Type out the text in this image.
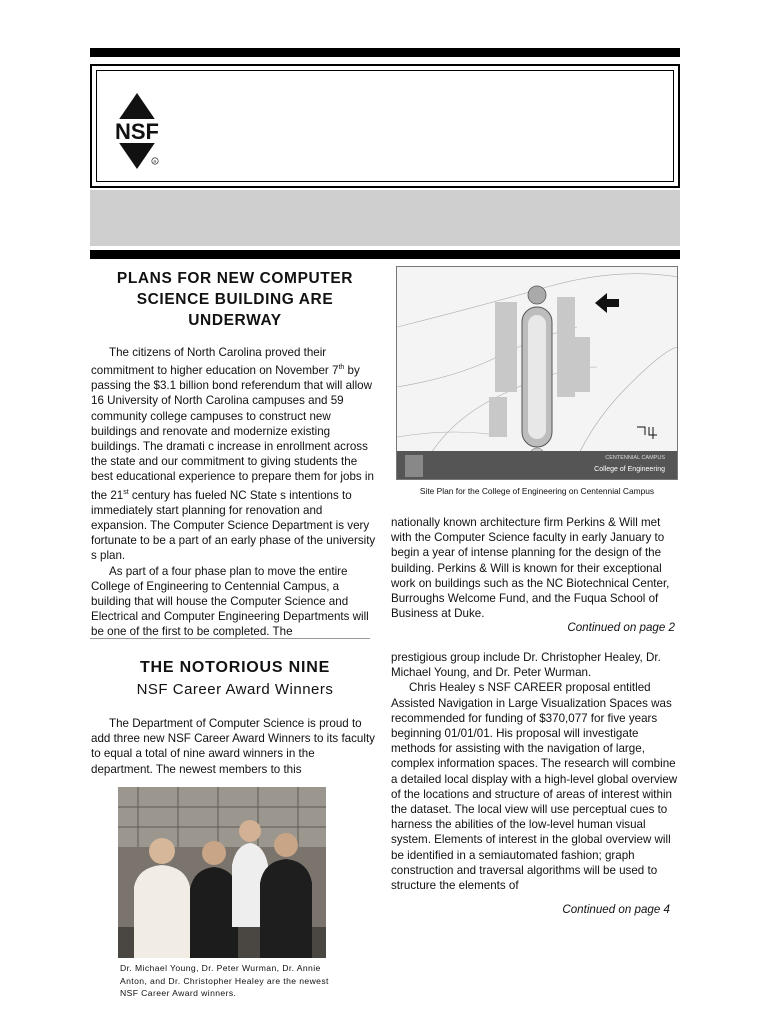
NSF
R
PLANS FOR NEW COMPUTER SCIENCE BUILDING ARE UNDERWAY

The citizens of North Carolina proved their commitment to higher education on November 7th by passing the $3.1 billion bond referendum that will allow 16 University of North Carolina campuses and 59 community college campuses to construct new buildings and renovate and modernize existing buildings. The dramati c increase in enrollment across the state and our commitment to giving students the best educational experience to prepare them for jobs in the 21st century has fueled NC State s intentions to immediately start planning for renovation and expansion. The Computer Science Department is very fortunate to be a part of an early phase of the university s plan.

As part of a four phase plan to move the entire College of Engineering to Centennial Campus, a building that will house the Computer Science and Electrical and Computer Engineering Departments will be one of the first to be completed. The

CENTENNIAL CAMPUS
College of Engineering
Site Plan for the College of Engineering on Centennial Campus

nationally known architecture firm Perkins & Will met with the Computer Science faculty in early January to begin a year of intense planning for the design of the building. Perkins & Will is known for their exceptional work on buildings such as the NC Biotechnical Center, Burroughs Welcome Fund, and the Fuqua School of Business at Duke.

Continued on page 2
THE NOTORIOUS NINE
NSF Career Award Winners

The Department of Computer Science is proud to add three new NSF Career Award Winners to its faculty to equal a total of nine award winners in the department. The newest members to this

Dr. Michael Young, Dr. Peter Wurman, Dr. Annie Anton, and Dr. Christopher Healey are the newest NSF Career Award winners.

prestigious group include Dr. Christopher Healey, Dr. Michael Young, and Dr. Peter Wurman.

Chris Healey s NSF CAREER proposal entitled Assisted Navigation in Large Visualization Spaces was recommended for funding of $370,077 for five years beginning 01/01/01. His proposal will investigate methods for assisting with the navigation of large, complex information spaces. The research will combine a detailed local display with a high-level global overview of the locations and structure of areas of interest within the dataset. The local view will use perceptual cues to harness the abilities of the low-level human visual system. Elements of interest in the global overview will be identified in a semiautomated fashion; graph construction and traversal algorithms will be used to structure the elements of

Continued on page 4
